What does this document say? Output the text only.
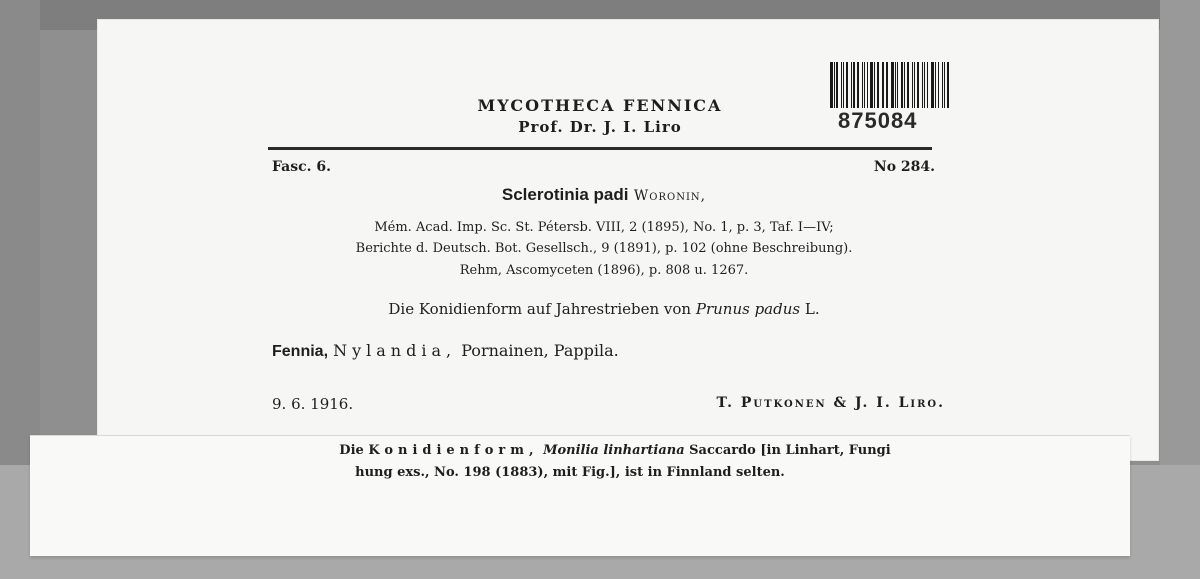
875084
MYCOTHECA FENNICA
Prof. Dr. J. I. Liro
Fasc. 6.	No 284.
Sclerotinia padi Woronin,
Mém. Acad. Imp. Sc. St. Pétersb. VIII, 2 (1895), No. 1, p. 3, Taf. I—IV;
Berichte d. Deutsch. Bot. Gesellsch., 9 (1891), p. 102 (ohne Beschreibung).
Rehm, Ascomyceten (1896), p. 808 u. 1267.
Die Konidienform auf Jahrestrieben von Prunus padus L.
Fennia, Nylandia, Pornainen, Pappila.
9. 6. 1916.	T. Putkonen & J. I. Liro.
Die Konidienform, Monilia linhartiana Saccardo [in Linhart, Fungi
hung exs., No. 198 (1883), mit Fig.], ist in Finnland selten.
